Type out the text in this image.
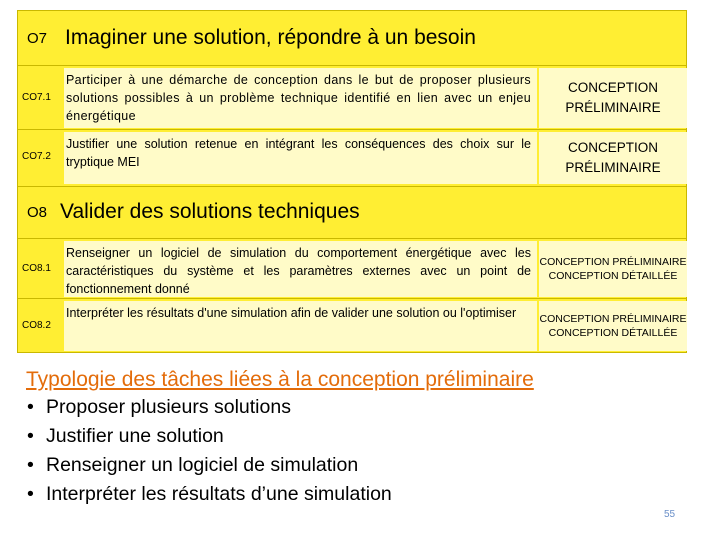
O7 Imaginer une solution, répondre à un besoin
CO7.1
Participer à une démarche de conception dans le but de proposer plusieurs solutions possibles à un problème technique identifié en lien avec un enjeu énergétique
CONCEPTION
PRÉLIMINAIRE
CO7.2
Justifier une solution retenue en intégrant les conséquences des choix sur le tryptique MEI
CONCEPTION
PRÉLIMINAIRE
O8 Valider des solutions techniques
CO8.1
Renseigner un logiciel de simulation du comportement énergétique avec les caractéristiques du système et les paramètres externes avec un point de fonctionnement donné
CONCEPTION PRÉLIMINAIRE
CONCEPTION DÉTAILLÉE
CO8.2
Interpréter les résultats d'une simulation afin de valider une solution ou l'optimiser	CONCEPTION PRÉLIMINAIRE
CONCEPTION DÉTAILLÉE
Typologie des tâches liées à la conception préliminaire
• Proposer plusieurs solutions
• Justifier une solution
• Renseigner un logiciel de simulation
• Interpréter les résultats d’une simulation
55
